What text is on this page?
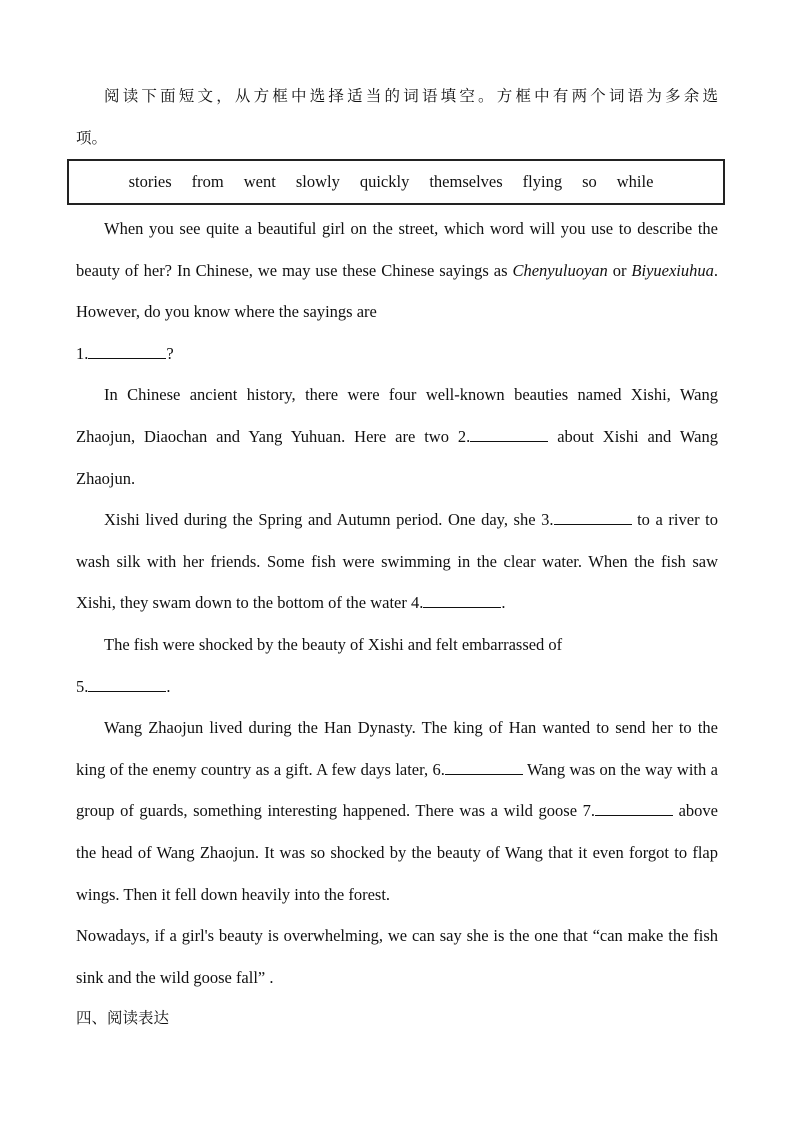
阅读下面短文，从方框中选择适当的词语填空。方框中有两个词语为多余选

项。

stories from went slowly quickly themselves flying so while

When you see quite a beautiful girl on the street, which word will you use to describe the beauty of her? In Chinese, we may use these Chinese sayings as Chenyuluoyan or Biyuexiuhua. However, do you know where the sayings are
1.	?

In Chinese ancient history, there were four well-known beauties named Xishi, Wang Zhaojun, Diaochan and Yang Yuhuan. Here are two 2.	about Xishi and Wang Zhaojun.

Xishi lived during the Spring and Autumn period. One day, she 3.	to a river to wash silk with her friends. Some fish were swimming in the clear water. When the fish saw Xishi, they swam down to the bottom of the water 4.	.

The fish were shocked by the beauty of Xishi and felt embarrassed of
5.	.

Wang Zhaojun lived during the Han Dynasty. The king of Han wanted to send her to the king of the enemy country as a gift. A few days later, 6.	Wang was on the way with a group of guards, something interesting happened. There was a wild goose 7.	above the head of Wang Zhaojun. It was so shocked by the beauty of Wang that it even forgot to flap wings. Then it fell down heavily into the forest.

Nowadays, if a girl's beauty is overwhelming, we can say she is the one that “can make the fish sink and the wild goose fall” .

四、阅读表达
